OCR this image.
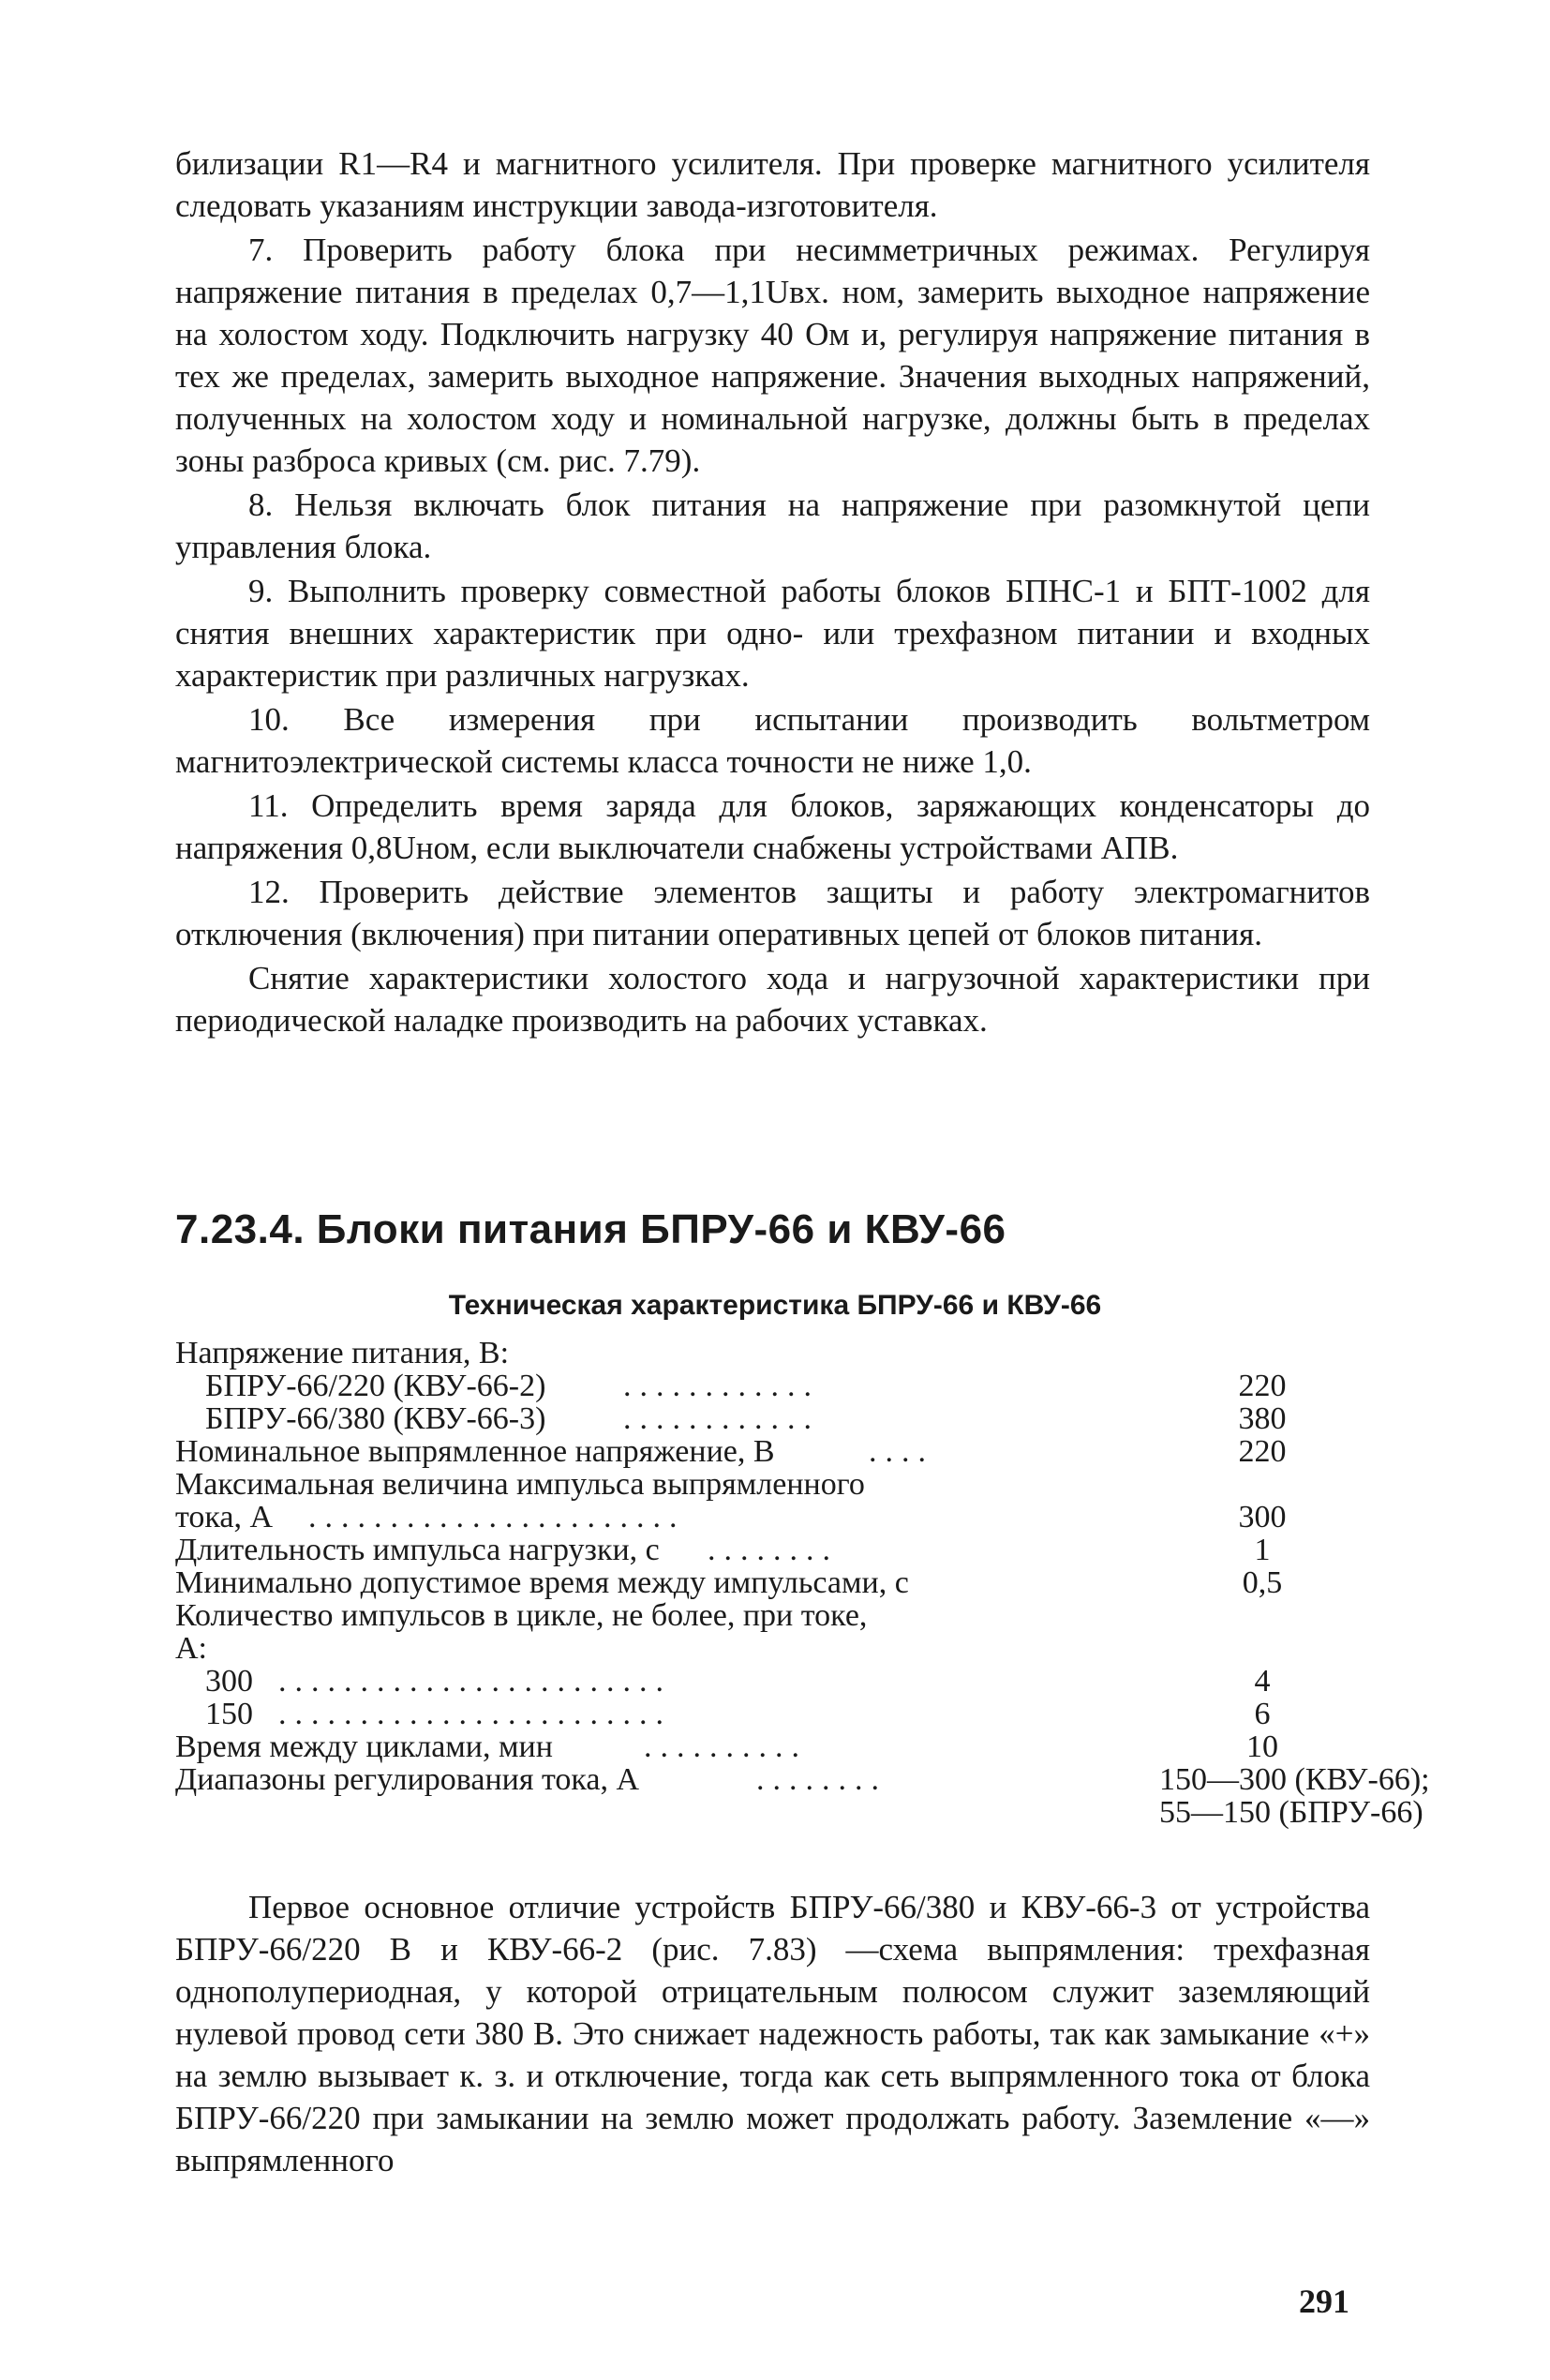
билизации R1—R4 и магнитного усилителя. При проверке магнитного усилителя следовать указаниям инструкции завода-изготовителя.

7. Проверить работу блока при несимметричных режимах. Регулируя напряжение питания в пределах 0,7—1,1Uвх. ном, замерить выходное напряжение на холостом ходу. Подключить нагрузку 40 Ом и, регулируя напряжение питания в тех же пределах, замерить выходное напряжение. Значения выходных напряжений, полученных на холостом ходу и номинальной нагрузке, должны быть в пределах зоны разброса кривых (см. рис. 7.79).

8. Нельзя включать блок питания на напряжение при разомкнутой цепи управления блока.

9. Выполнить проверку совместной работы блоков БПНС-1 и БПТ-1002 для снятия внешних характеристик при одно- или трехфазном питании и входных характеристик при различных нагрузках.

10. Все измерения при испытании производить вольтметром магнитоэлектрической системы класса точности не ниже 1,0.

11. Определить время заряда для блоков, заряжающих конденсаторы до напряжения 0,8Uном, если выключатели снабжены устройствами АПВ.

12. Проверить действие элементов защиты и работу электромагнитов отключения (включения) при питании оперативных цепей от блоков питания.

Снятие характеристики холостого хода и нагрузочной характеристики при периодической наладке производить на рабочих уставках.

7.23.4. Блоки питания БПРУ-66 и КВУ-66
Техническая характеристика БПРУ-66 и КВУ-66
Напряжение питания, В:
БПРУ-66/220 (КВУ-66-2) ............	220
БПРУ-66/380 (КВУ-66-3) ............	380
Номинальное выпрямленное напряжение, В	....	220
Максимальная величина импульса выпрямленного
тока, А .......................	300
Длительность импульса нагрузки, с ........	1
Минимально допустимое время между импульсами, с	0,5
Количество импульсов в цикле, не более, при токе,
А:
300 ........................	4
150 ........................	6
Время между циклами, мин	..........	10
Диапазоны регулирования тока, А	........	150—300 (КВУ-66);
55—150 (БПРУ-66)

Первое основное отличие устройств БПРУ-66/380 и КВУ-66-3 от устройства БПРУ-66/220 В и КВУ-66-2 (рис. 7.83) —схема выпрямления: трехфазная однополупериодная, у которой отрицательным полюсом служит заземляющий нулевой провод сети 380 В. Это снижает надежность работы, так как замыкание «+» на землю вызывает к. з. и отключение, тогда как сеть выпрямленного тока от блока БПРУ-66/220 при замыкании на землю может продолжать работу. Заземление «—» выпрямленного

291
